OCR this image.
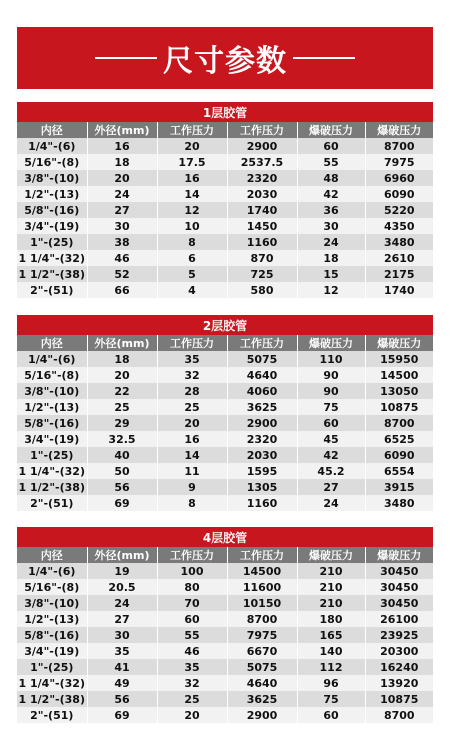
尺寸参数
1层胶管
内径	外径(mm)	工作压力	工作压力	爆破压力	爆破压力
1/4"-(6)	16	20	2900	60	8700
5/16"-(8)	18	17.5	2537.5	55	7975
3/8"-(10)	20	16	2320	48	6960
1/2"-(13)	24	14	2030	42	6090
5/8"-(16)	27	12	1740	36	5220
3/4"-(19)	30	10	1450	30	4350
1"-(25)	38	8	1160	24	3480
1 1/4"-(32)	46	6	870	18	2610
1 1/2"-(38)	52	5	725	15	2175
2"-(51)	66	4	580	12	1740
2层胶管
内径	外径(mm)	工作压力	工作压力	爆破压力	爆破压力
1/4"-(6)	18	35	5075	110	15950
5/16"-(8)	20	32	4640	90	14500
3/8"-(10)	22	28	4060	90	13050
1/2"-(13)	25	25	3625	75	10875
5/8"-(16)	29	20	2900	60	8700
3/4"-(19)	32.5	16	2320	45	6525
1"-(25)	40	14	2030	42	6090
1 1/4"-(32)	50	11	1595	45.2	6554
1 1/2"-(38)	56	9	1305	27	3915
2"-(51)	69	8	1160	24	3480
4层胶管
内径	外径(mm)	工作压力	工作压力	爆破压力	爆破压力
1/4"-(6)	19	100	14500	210	30450
5/16"-(8)	20.5	80	11600	210	30450
3/8"-(10)	24	70	10150	210	30450
1/2"-(13)	27	60	8700	180	26100
5/8"-(16)	30	55	7975	165	23925
3/4"-(19)	35	46	6670	140	20300
1"-(25)	41	35	5075	112	16240
1 1/4"-(32)	49	32	4640	96	13920
1 1/2"-(38)	56	25	3625	75	10875
2"-(51)	69	20	2900	60	8700
